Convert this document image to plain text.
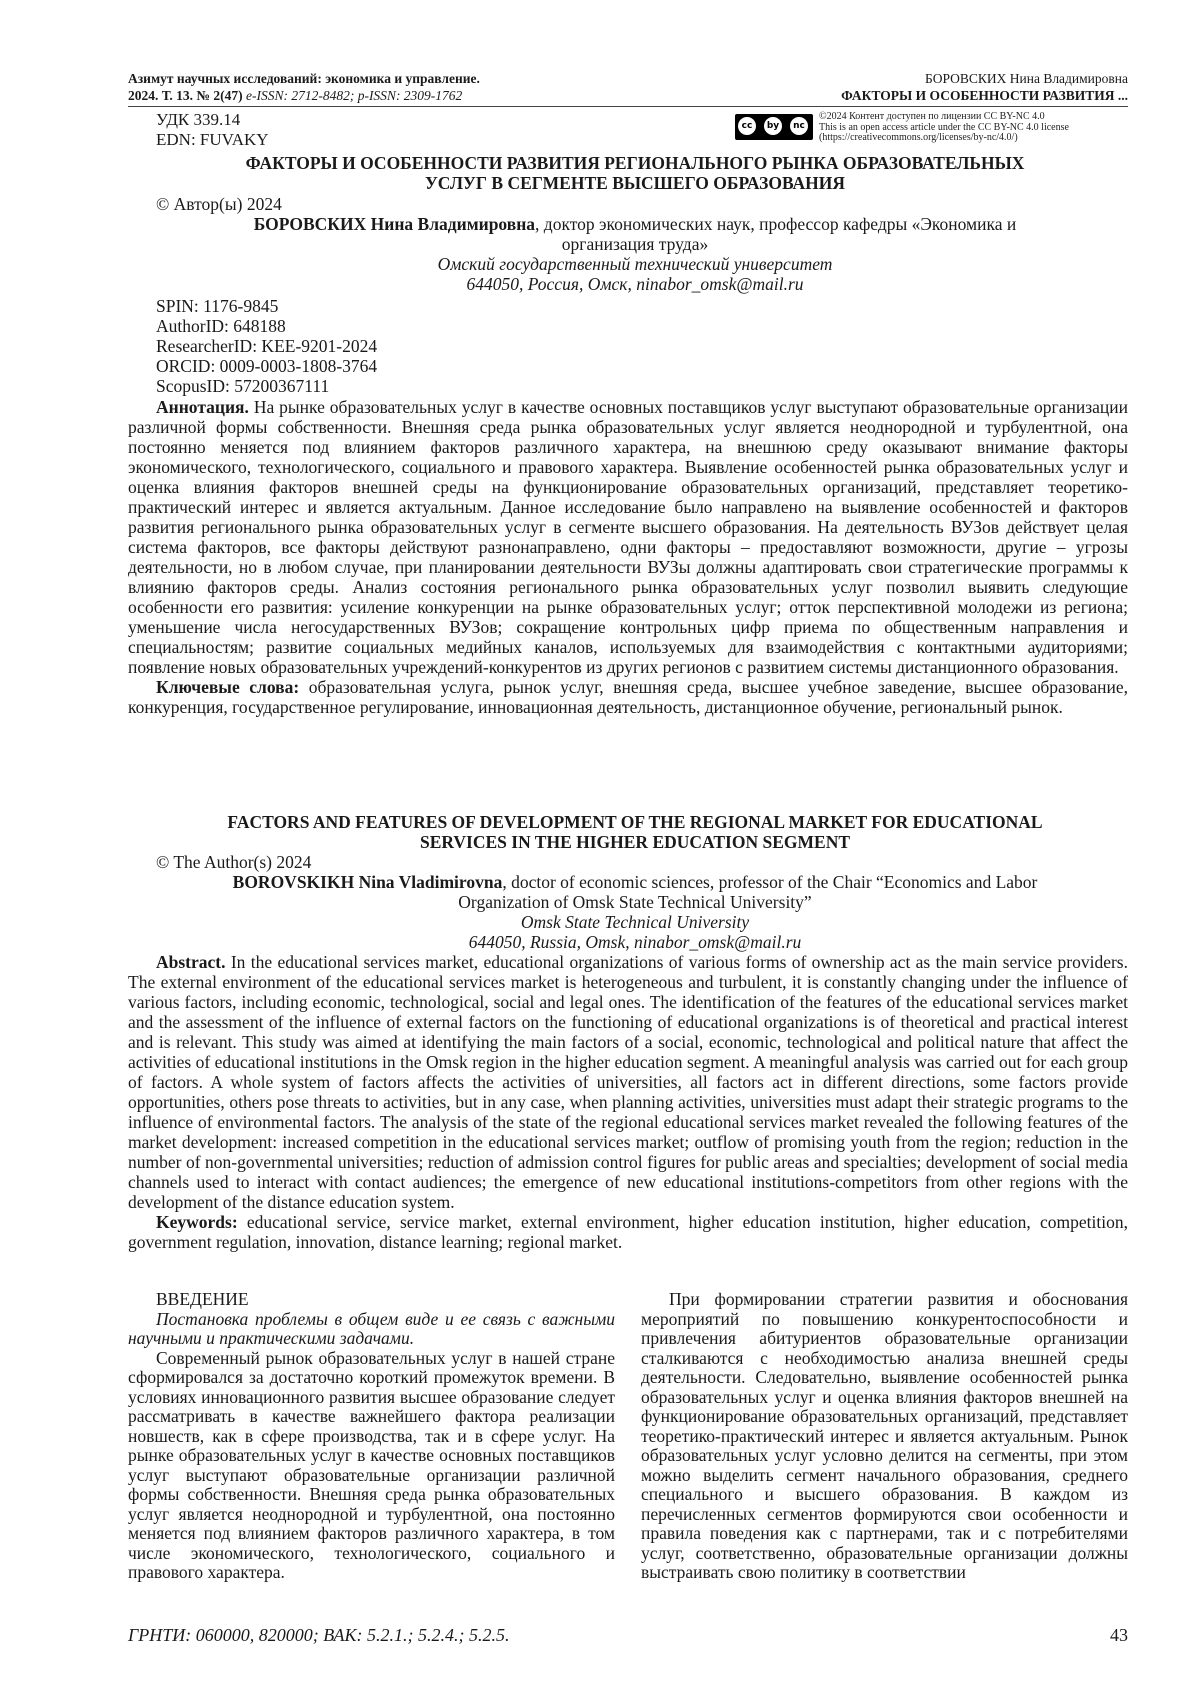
Азимут научных исследований: экономика и управление.
2024. Т. 13. № 2(47) e-ISSN: 2712-8482; p-ISSN: 2309-1762
БОРОВСКИХ Нина Владимировна
ФАКТОРЫ И ОСОБЕННОСТИ РАЗВИТИЯ ...
УДК 339.14
EDN: FUVAKY
cc	by	nc
©2024 Контент доступен по лицензии CC BY-NC 4.0
This is an open access article under the CC BY-NC 4.0 license
(https://creativecommons.org/licenses/by-nc/4.0/)
ФАКТОРЫ И ОСОБЕННОСТИ РАЗВИТИЯ РЕГИОНАЛЬНОГО РЫНКА ОБРАЗОВАТЕЛЬНЫХ
УСЛУГ В СЕГМЕНТЕ ВЫСШЕГО ОБРАЗОВАНИЯ
© Автор(ы) 2024
БОРОВСКИХ Нина Владимировна, доктор экономических наук, профессор кафедры «Экономика и
организация труда»
Омский государственный технический университет
644050, Россия, Омск, ninabor_omsk@mail.ru
SPIN: 1176-9845
AuthorID: 648188
ResearcherID: KEE-9201-2024
ORCID: 0009-0003-1808-3764
ScopusID: 57200367111
Аннотация. На рынке образовательных услуг в качестве основных поставщиков услуг выступают образовательные организации различной формы собственности. Внешняя среда рынка образовательных услуг является неоднородной и турбулентной, она постоянно меняется под влиянием факторов различного характера, на внешнюю среду оказывают внимание факторы экономического, технологического, социального и правового характера. Выявление особенностей рынка образовательных услуг и оценка влияния факторов внешней среды на функционирование образовательных организаций, представляет теоретико-практический интерес и является актуальным. Данное исследование было направлено на выявление особенностей и факторов развития регионального рынка образовательных услуг в сегменте высшего образования. На деятельность ВУЗов действует целая система факторов, все факторы действуют разнонаправлено, одни факторы – предоставляют возможности, другие – угрозы деятельности, но в любом случае, при планировании деятельности ВУЗы должны адаптировать свои стратегические программы к влиянию факторов среды. Анализ состояния регионального рынка образовательных услуг позволил выявить следующие особенности его развития: усиление конкуренции на рынке образовательных услуг; отток перспективной молодежи из региона; уменьшение числа негосударственных ВУЗов; сокращение контрольных цифр приема по общественным направления и специальностям; развитие социальных медийных каналов, используемых для взаимодействия с контактными аудиториями; появление новых образовательных учреждений-конкурентов из других регионов с развитием системы дистанционного образования.
Ключевые слова: образовательная услуга, рынок услуг, внешняя среда, высшее учебное заведение, высшее образование, конкуренция, государственное регулирование, инновационная деятельность, дистанционное обучение, региональный рынок.
FACTORS AND FEATURES OF DEVELOPMENT OF THE REGIONAL MARKET FOR EDUCATIONAL
SERVICES IN THE HIGHER EDUCATION SEGMENT
© The Author(s) 2024
BOROVSKIKH Nina Vladimirovna, doctor of economic sciences, professor of the Chair “Economics and Labor
Organization of Omsk State Technical University”
Omsk State Technical University
644050, Russia, Omsk, ninabor_omsk@mail.ru
Abstract. In the educational services market, educational organizations of various forms of ownership act as the main service providers. The external environment of the educational services market is heterogeneous and turbulent, it is constantly changing under the influence of various factors, including economic, technological, social and legal ones. The identification of the features of the educational services market and the assessment of the influence of external factors on the functioning of educational organizations is of theoretical and practical interest and is relevant. This study was aimed at identifying the main factors of a social, economic, technological and political nature that affect the activities of educational institutions in the Omsk region in the higher education segment. A meaningful analysis was carried out for each group of factors. A whole system of factors affects the activities of universities, all factors act in different directions, some factors provide opportunities, others pose threats to activities, but in any case, when planning activities, universities must adapt their strategic programs to the influence of environmental factors. The analysis of the state of the regional educational services market revealed the following features of the market development: increased competition in the educational services market; outflow of promising youth from the region; reduction in the number of non-governmental universities; reduction of admission control figures for public areas and specialties; development of social media channels used to interact with contact audiences; the emergence of new educational institutions-competitors from other regions with the development of the distance education system.
Keywords: educational service, service market, external environment, higher education institution, higher education, competition, government regulation, innovation, distance learning; regional market.
ВВЕДЕНИЕ
Постановка проблемы в общем виде и ее связь с важными научными и практическими задачами.
Современный рынок образовательных услуг в нашей стране сформировался за достаточно короткий промежуток времени. В условиях инновационного развития высшее образование следует рассматривать в качестве важнейшего фактора реализации новшеств, как в сфере производства, так и в сфере услуг. На рынке образовательных услуг в качестве основных поставщиков услуг выступают образовательные организации различной формы собственности. Внешняя среда рынка образовательных услуг является неоднородной и турбулентной, она постоянно меняется под влиянием факторов различного характера, в том числе экономического, технологического, социального и правового характера.
При формировании стратегии развития и обоснования мероприятий по повышению конкурентоспособности и привлечения абитуриентов образовательные организации сталкиваются с необходимостью анализа внешней среды деятельности. Следовательно, выявление особенностей рынка образовательных услуг и оценка влияния факторов внешней на функционирование образовательных организаций, представляет теоретико-практический интерес и является актуальным. Рынок образовательных услуг условно делится на сегменты, при этом можно выделить сегмент начального образования, среднего специального и высшего образования. В каждом из перечисленных сегментов формируются свои особенности и правила поведения как с партнерами, так и с потребителями услуг, соответственно, образовательные организации должны выстраивать свою политику в соответствии
ГРНТИ: 060000, 820000; ВАК: 5.2.1.; 5.2.4.; 5.2.5.	43
